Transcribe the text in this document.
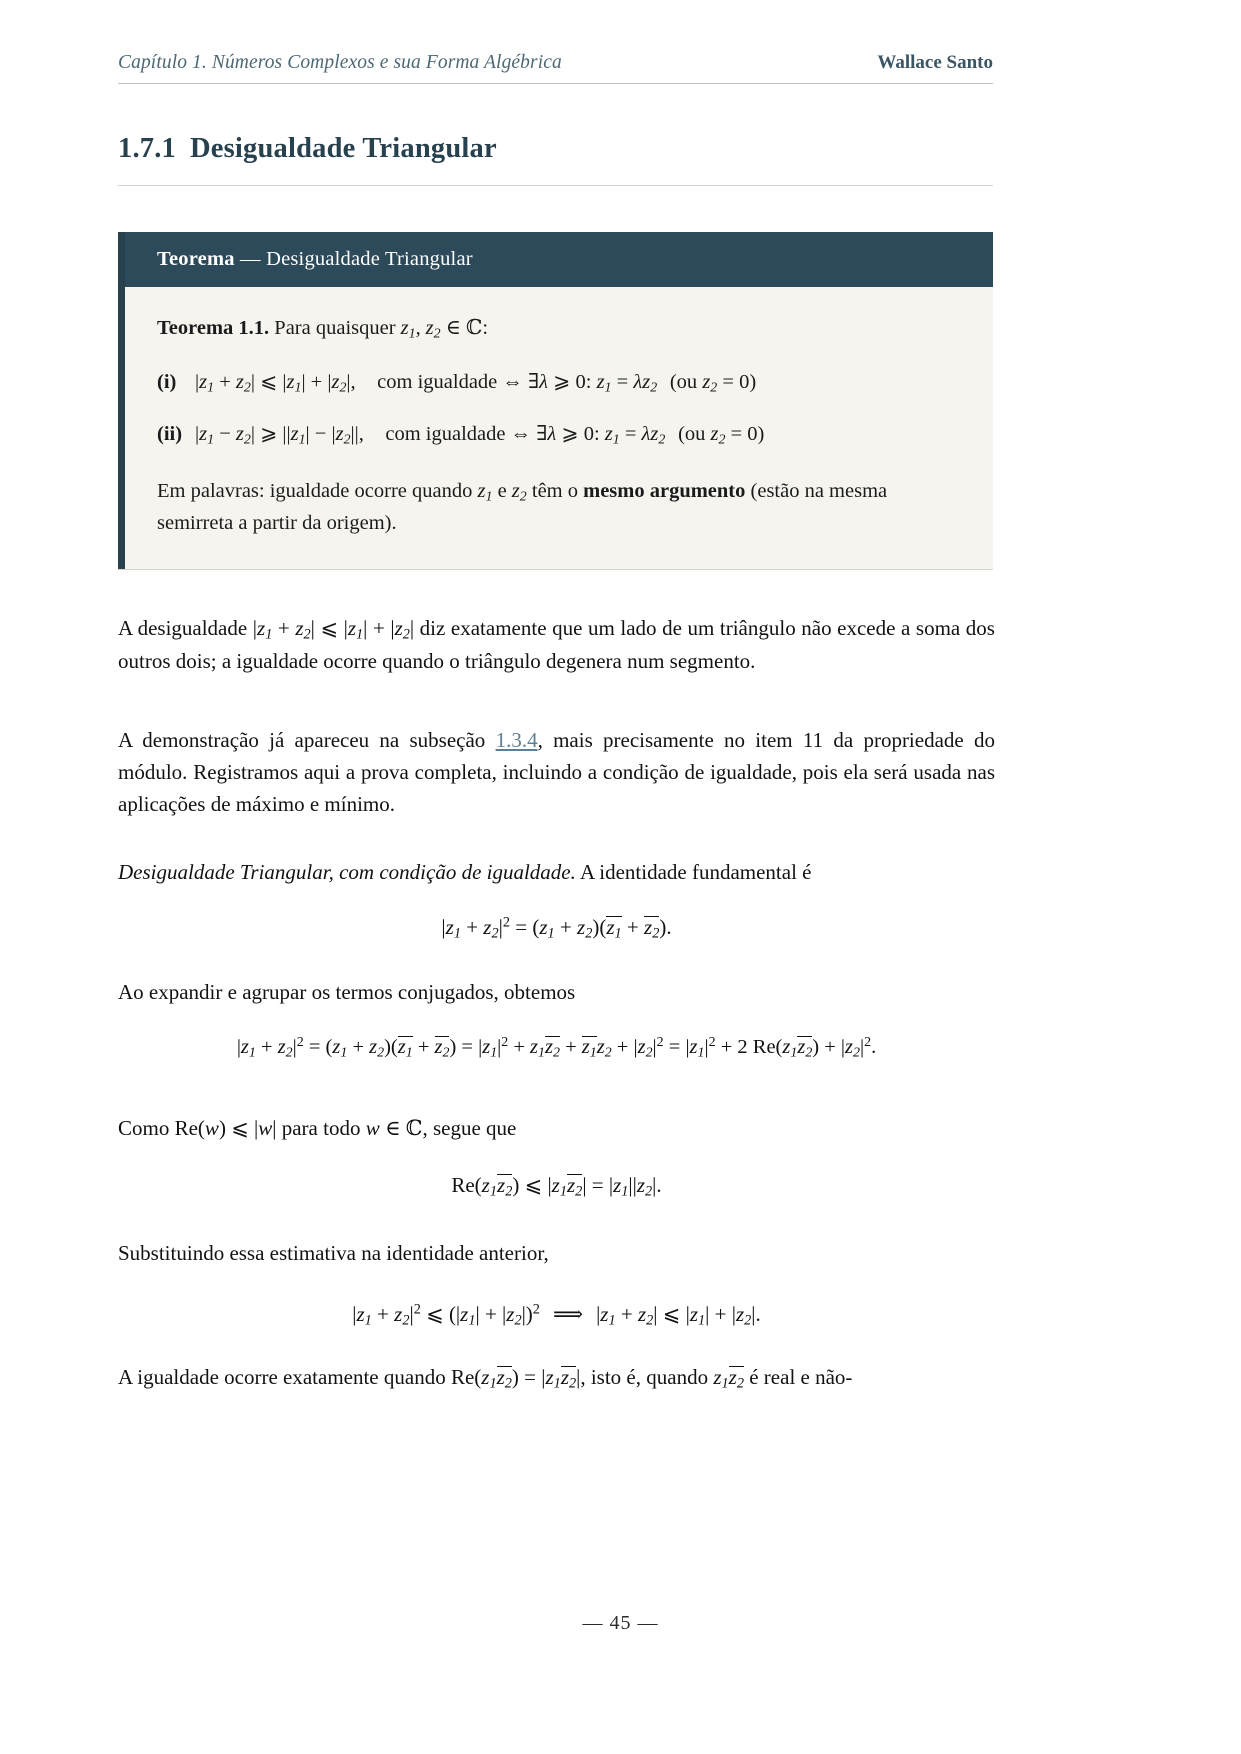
Capítulo 1. Números Complexos e sua Forma Algébrica	Wallace Santo
1.7.1 Desigualdade Triangular
Teorema — Desigualdade Triangular

Teorema 1.1. Para quaisquer $z_1$, $z_2$ ∈ ℂ:

(i) $|z_1 + z_2|$ ⩽ $|z_1| + |z_2|$, com igualdade ⇔ ∃λ ⩾ 0: $z_1 = \lambda z_2$ (ou $z_2 = 0$)
(ii) $|z_1 - z_2|$ ⩾ $||z_1| - |z_2||$, com igualdade ⇔ ∃λ ⩾ 0: $z_1 = \lambda z_2$ (ou $z_2 = 0$)

Em palavras: igualdade ocorre quando $z_1$ e $z_2$ têm o mesmo argumento (estão na mesma semirreta a partir da origem).

A desigualdade $|z_1 + z_2|$ ⩽ $|z_1| + |z_2|$ diz exatamente que um lado de um triângulo não excede a soma dos outros dois; a igualdade ocorre quando o triângulo degenera num segmento.
A demonstração já apareceu na subseção 1.3.4, mais precisamente no item 11 da propriedade do módulo. Registramos aqui a prova completa, incluindo a condição de igualdade, pois ela será usada nas aplicações de máximo e mínimo.
Desigualdade Triangular, com condição de igualdade. A identidade fundamental é
$|z_1 + z_2|^2 = (z_1 + z_2)(z_1 + z_2)$.
Ao expandir e agrupar os termos conjugados, obtemos
$|z_1 + z_2|^2 = (z_1 + z_2)(z_1 + z_2) = |z_1|^2 + z_1z_2 + z_1z_2 + |z_2|^2 = |z_1|^2 + 2$ $Re(z_1z_2) + |z_2|^2$.
Como Re(w) ⩽ |w| para todo w ∈ ℂ, segue que
$Re(z_1z_2)$ ⩽ $|z_1z_2| = |z_1||z_2|$.
Substituindo essa estimativa na identidade anterior,
$|z_1 + z_2|^2$ ⩽ $(|z_1| + |z_2|)^2$ ⟹ $|z_1 + z_2|$ ⩽ $|z_1| + |z_2|$.
A igualdade ocorre exatamente quando $Re(z_1z_2) = |z_1z_2|$, isto é, quando $z_1z_2$ é real e não-
— 45 —
